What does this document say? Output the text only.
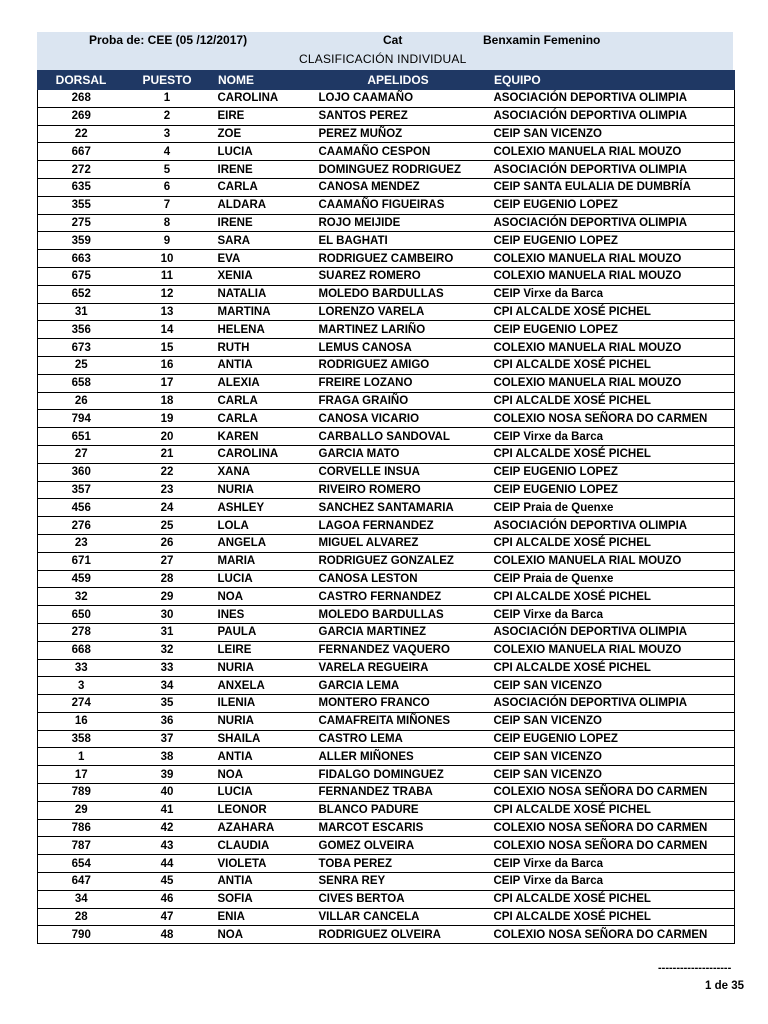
Proba de: CEE (05 /12/2017)	Cat	Benxamin Femenino
CLASIFICACIÓN INDIVIDUAL
DORSAL	PUESTO	NOME	APELIDOS	EQUIPO
268	1	CAROLINA	LOJO CAAMAÑO	ASOCIACIÓN DEPORTIVA OLIMPIA
269	2	EIRE	SANTOS PEREZ	ASOCIACIÓN DEPORTIVA OLIMPIA
22	3	ZOE	PEREZ MUÑOZ	CEIP SAN VICENZO
667	4	LUCIA	CAAMAÑO CESPON	COLEXIO MANUELA RIAL MOUZO
272	5	IRENE	DOMINGUEZ RODRIGUEZ	ASOCIACIÓN DEPORTIVA OLIMPIA
635	6	CARLA	CANOSA MENDEZ	CEIP SANTA EULALIA DE DUMBRÍA
355	7	ALDARA	CAAMAÑO FIGUEIRAS	CEIP EUGENIO LOPEZ
275	8	IRENE	ROJO MEIJIDE	ASOCIACIÓN DEPORTIVA OLIMPIA
359	9	SARA	EL BAGHATI	CEIP EUGENIO LOPEZ
663	10	EVA	RODRIGUEZ CAMBEIRO	COLEXIO MANUELA RIAL MOUZO
675	11	XENIA	SUAREZ ROMERO	COLEXIO MANUELA RIAL MOUZO
652	12	NATALIA	MOLEDO BARDULLAS	CEIP Virxe da Barca
31	13	MARTINA	LORENZO VARELA	CPI ALCALDE XOSÉ PICHEL
356	14	HELENA	MARTINEZ LARIÑO	CEIP EUGENIO LOPEZ
673	15	RUTH	LEMUS CANOSA	COLEXIO MANUELA RIAL MOUZO
25	16	ANTIA	RODRIGUEZ AMIGO	CPI ALCALDE XOSÉ PICHEL
658	17	ALEXIA	FREIRE LOZANO	COLEXIO MANUELA RIAL MOUZO
26	18	CARLA	FRAGA GRAIÑO	CPI ALCALDE XOSÉ PICHEL
794	19	CARLA	CANOSA VICARIO	COLEXIO NOSA SEÑORA DO CARMEN
651	20	KAREN	CARBALLO SANDOVAL	CEIP Virxe da Barca
27	21	CAROLINA	GARCIA MATO	CPI ALCALDE XOSÉ PICHEL
360	22	XANA	CORVELLE INSUA	CEIP EUGENIO LOPEZ
357	23	NURIA	RIVEIRO ROMERO	CEIP EUGENIO LOPEZ
456	24	ASHLEY	SANCHEZ SANTAMARIA	CEIP Praia de Quenxe
276	25	LOLA	LAGOA FERNANDEZ	ASOCIACIÓN DEPORTIVA OLIMPIA
23	26	ANGELA	MIGUEL ALVAREZ	CPI ALCALDE XOSÉ PICHEL
671	27	MARIA	RODRIGUEZ GONZALEZ	COLEXIO MANUELA RIAL MOUZO
459	28	LUCIA	CANOSA LESTON	CEIP Praia de Quenxe
32	29	NOA	CASTRO FERNANDEZ	CPI ALCALDE XOSÉ PICHEL
650	30	INES	MOLEDO BARDULLAS	CEIP Virxe da Barca
278	31	PAULA	GARCIA MARTINEZ	ASOCIACIÓN DEPORTIVA OLIMPIA
668	32	LEIRE	FERNANDEZ VAQUERO	COLEXIO MANUELA RIAL MOUZO
33	33	NURIA	VARELA REGUEIRA	CPI ALCALDE XOSÉ PICHEL
3	34	ANXELA	GARCIA LEMA	CEIP SAN VICENZO
274	35	ILENIA	MONTERO FRANCO	ASOCIACIÓN DEPORTIVA OLIMPIA
16	36	NURIA	CAMAFREITA MIÑONES	CEIP SAN VICENZO
358	37	SHAILA	CASTRO LEMA	CEIP EUGENIO LOPEZ
1	38	ANTIA	ALLER MIÑONES	CEIP SAN VICENZO
17	39	NOA	FIDALGO DOMINGUEZ	CEIP SAN VICENZO
789	40	LUCIA	FERNANDEZ TRABA	COLEXIO NOSA SEÑORA DO CARMEN
29	41	LEONOR	BLANCO PADURE	CPI ALCALDE XOSÉ PICHEL
786	42	AZAHARA	MARCOT ESCARIS	COLEXIO NOSA SEÑORA DO CARMEN
787	43	CLAUDIA	GOMEZ OLVEIRA	COLEXIO NOSA SEÑORA DO CARMEN
654	44	VIOLETA	TOBA PEREZ	CEIP Virxe da Barca
647	45	ANTIA	SENRA REY	CEIP Virxe da Barca
34	46	SOFIA	CIVES BERTOA	CPI ALCALDE XOSÉ PICHEL
28	47	ENIA	VILLAR CANCELA	CPI ALCALDE XOSÉ PICHEL
790	48	NOA	RODRIGUEZ OLVEIRA	COLEXIO NOSA SEÑORA DO CARMEN
--------------------
1 de 35
